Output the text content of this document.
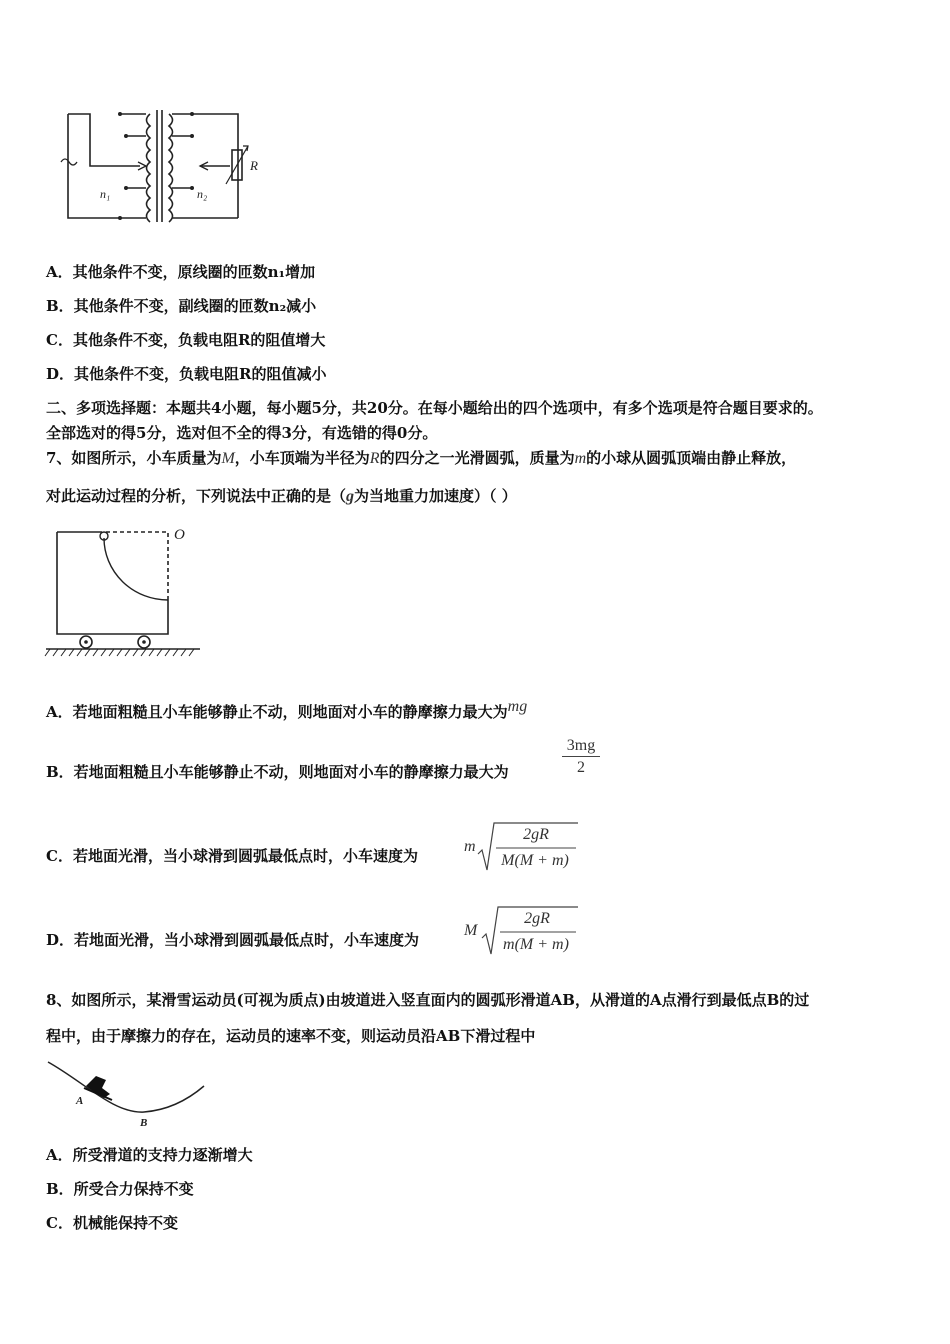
n₁	n₂
R
A．其他条件不变，原线圈的匝数n₁增加
B．其他条件不变，副线圈的匝数n₂减小
C．其他条件不变，负载电阻R的阻值增大
D．其他条件不变，负载电阻R的阻值减小
二、多项选择题：本题共4小题，每小题5分，共20分。在每小题给出的四个选项中，有多个选项是符合题目要求的。
全部选对的得5分，选对但不全的得3分，有选错的得0分。
7、如图所示，小车质量为M，小车顶端为半径为R的四分之一光滑圆弧，质量为m的小球从圆弧顶端由静止释放，
对此运动过程的分析，下列说法中正确的是（g为当地重力加速度）（ ）
O
A．若地面粗糙且小车能够静止不动，则地面对小车的静摩擦力最大为mg
B．若地面粗糙且小车能够静止不动，则地面对小车的静摩擦力最大为	$\frac{3mg}{2}$
C．若地面光滑，当小球滑到圆弧最低点时，小车速度为
m
2gR
M(M + m)
D．若地面光滑，当小球滑到圆弧最低点时，小车速度为
M
2gR
m(M + m)
8、如图所示，某滑雪运动员(可视为质点)由坡道进入竖直面内的圆弧形滑道AB，从滑道的A点滑行到最低点B的过
程中，由于摩擦力的存在，运动员的速率不变，则运动员沿AB下滑过程中
A
B
A．所受滑道的支持力逐渐增大
B．所受合力保持不变
C．机械能保持不变
